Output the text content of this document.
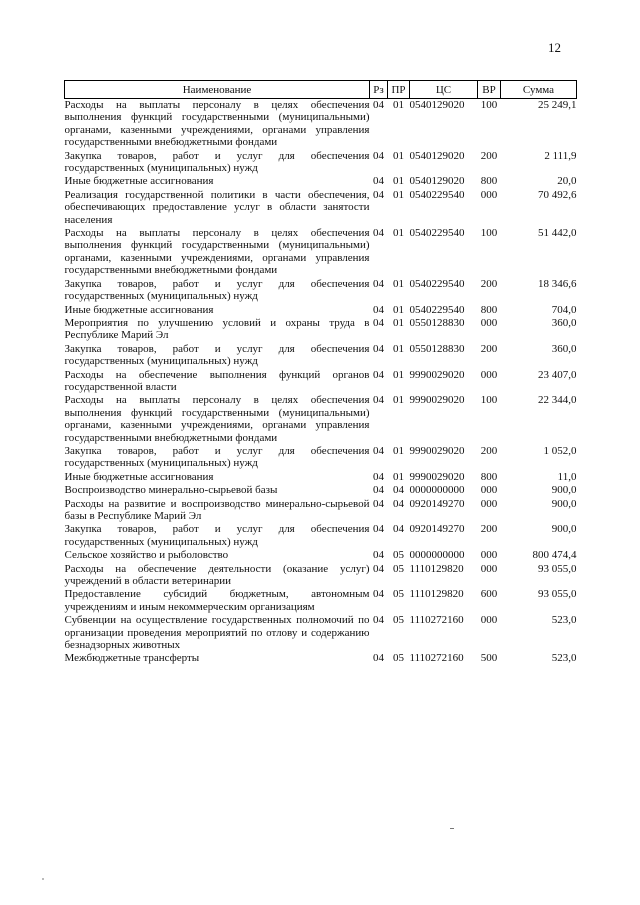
12
Наименование	Рз	ПР	ЦС	ВР	Сумма
Расходы на выплаты персоналу в целях обеспечения выполнения функций государственными (муниципальными) органами, казенными учреждениями, органами управления государственными внебюджетными фондами	04	01	0540129020	100	25 249,1
Закупка товаров, работ и услуг для обеспечения государственных (муниципальных) нужд	04	01	0540129020	200	2 111,9
Иные бюджетные ассигнования	04	01	0540129020	800	20,0
Реализация государственной политики в части обеспечения, обеспечивающих предоставление услуг в области занятости населения	04	01	0540229540	000	70 492,6
Расходы на выплаты персоналу в целях обеспечения выполнения функций государственными (муниципальными) органами, казенными учреждениями, органами управления государственными внебюджетными фондами	04	01	0540229540	100	51 442,0
Закупка товаров, работ и услуг для обеспечения государственных (муниципальных) нужд	04	01	0540229540	200	18 346,6
Иные бюджетные ассигнования	04	01	0540229540	800	704,0
Мероприятия по улучшению условий и охраны труда в Республике Марий Эл	04	01	0550128830	000	360,0
Закупка товаров, работ и услуг для обеспечения государственных (муниципальных) нужд	04	01	0550128830	200	360,0
Расходы на обеспечение выполнения функций органов государственной власти	04	01	9990029020	000	23 407,0
Расходы на выплаты персоналу в целях обеспечения выполнения функций государственными (муниципальными) органами, казенными учреждениями, органами управления государственными внебюджетными фондами	04	01	9990029020	100	22 344,0
Закупка товаров, работ и услуг для обеспечения государственных (муниципальных) нужд	04	01	9990029020	200	1 052,0
Иные бюджетные ассигнования	04	01	9990029020	800	11,0
Воспроизводство минерально-сырьевой базы	04	04	0000000000	000	900,0
Расходы на развитие и воспроизводство минерально-сырьевой базы в Республике Марий Эл	04	04	0920149270	000	900,0
Закупка товаров, работ и услуг для обеспечения государственных (муниципальных) нужд	04	04	0920149270	200	900,0
Сельское хозяйство и рыболовство	04	05	0000000000	000	800 474,4
Расходы на обеспечение деятельности (оказание услуг) учреждений в области ветеринарии	04	05	1110129820	000	93 055,0
Предоставление субсидий бюджетным, автономным учреждениям и иным некоммерческим организациям	04	05	1110129820	600	93 055,0
Субвенции на осуществление государственных полномочий по организации проведения мероприятий по отлову и содержанию безнадзорных животных	04	05	1110272160	000	523,0
Межбюджетные трансферты	04	05	1110272160	500	523,0
